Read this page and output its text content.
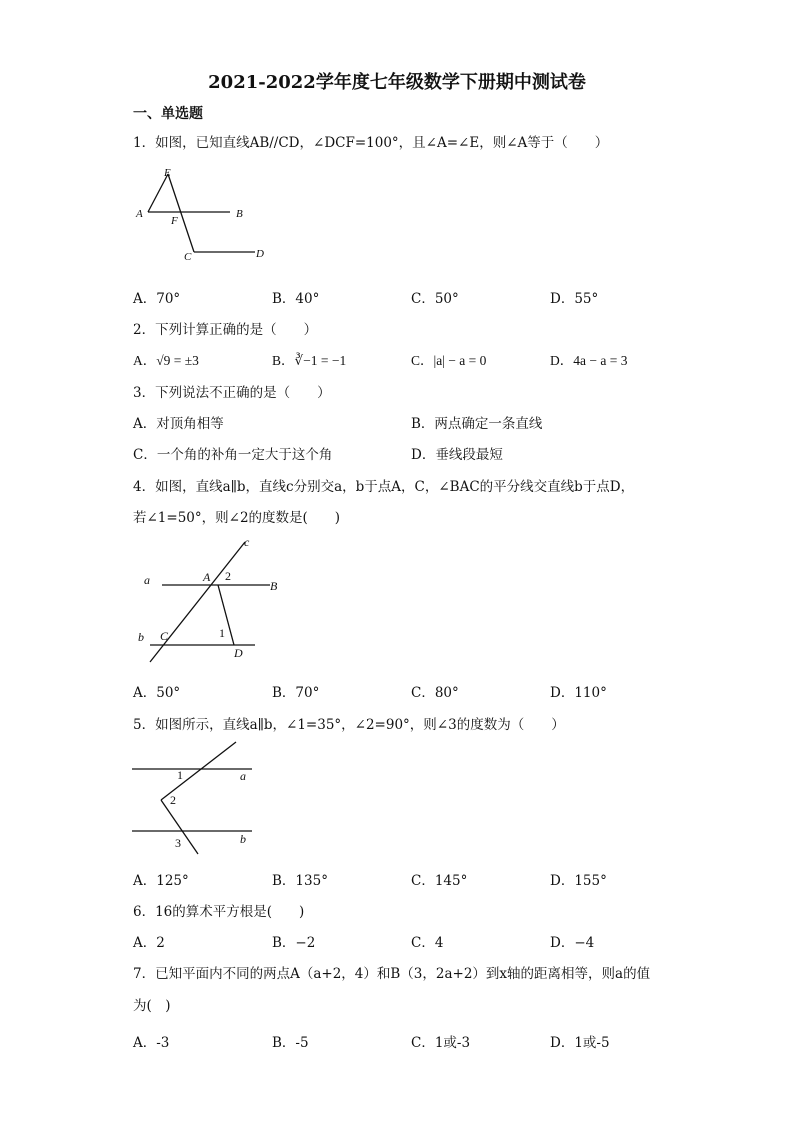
2021-2022学年度七年级数学下册期中测试卷
一、单选题
1．如图，已知直线AB//CD，∠DCF=100°，且∠A=∠E，则∠A等于（　　）
E
A
F
B
C	D
A．70°	B．40°	C．50°	D．55°
2．下列计算正确的是（　　）
A．√9 = ±3	B．∛−1 = −1	C．|a| − a = 0	D．4a − a = 3
3．下列说法不正确的是（　　）
A．对顶角相等	B．两点确定一条直线
C．一个角的补角一定大于这个角	D．垂线段最短
4．如图，直线a∥b，直线c分别交a，b于点A，C，∠BAC的平分线交直线b于点D，
若∠1=50°，则∠2的度数是(　　)
c
a	A
B
b C
D
2
1
A．50°	B．70°	C．80°	D．110°
5．如图所示，直线a∥b，∠1=35°，∠2=90°，则∠3的度数为（　　）
1
2
3
a
b
A．125°	B．135°	C．145°	D．155°
6．16的算术平方根是(　　)
A．2	B．−2	C．4	D．−4
7．已知平面内不同的两点A（a+2，4）和B（3，2a+2）到x轴的距离相等，则a的值
为(　)
A．-3	B．-5	C．1或-3	D．1或-5
